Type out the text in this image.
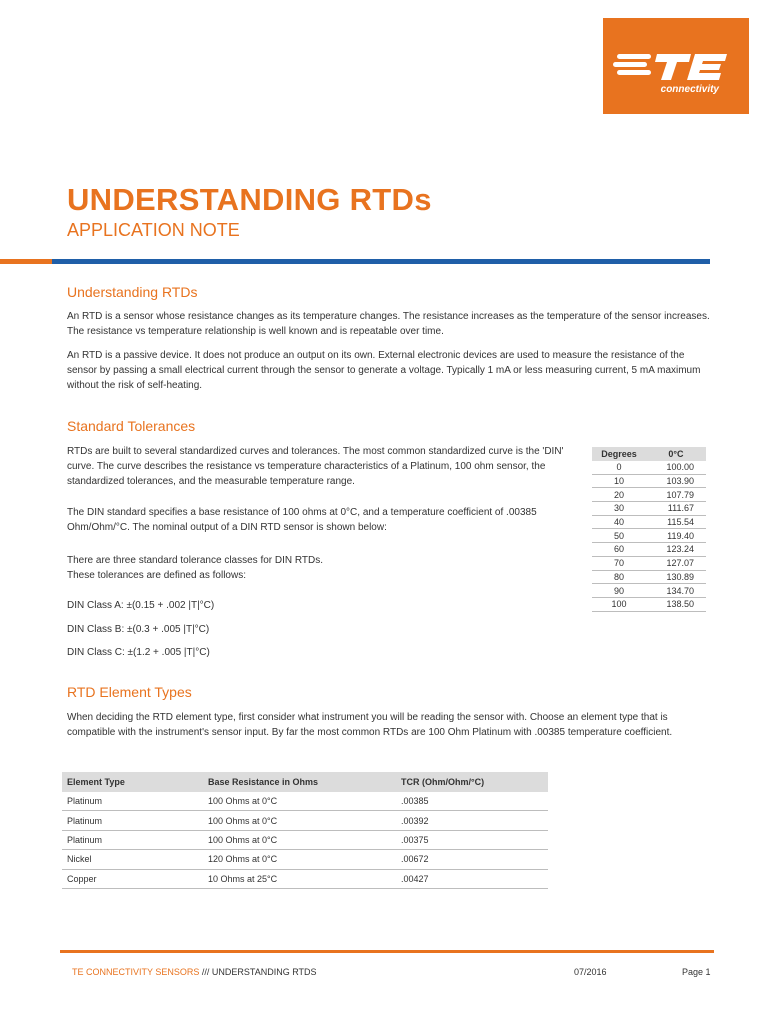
connectivity
UNDERSTANDING RTDs
APPLICATION NOTE
Understanding RTDs

An RTD is a sensor whose resistance changes as its temperature changes. The resistance increases as the temperature of the sensor increases. The resistance vs temperature relationship is well known and is repeatable over time.

An RTD is a passive device. It does not produce an output on its own. External electronic devices are used to measure the resistance of the sensor by passing a small electrical current through the sensor to generate a voltage. Typically 1 mA or less measuring current, 5 mA maximum without the risk of self-heating.

Standard Tolerances

RTDs are built to several standardized curves and tolerances. The most common standardized curve is the 'DIN' curve. The curve describes the resistance vs temperature characteristics of a Platinum, 100 ohm sensor, the standardized tolerances, and the measurable temperature range.

The DIN standard specifies a base resistance of 100 ohms at 0°C, and a temperature coefficient of .00385 Ohm/Ohm/°C. The nominal output of a DIN RTD sensor is shown below:

There are three standard tolerance classes for DIN RTDs.

These tolerances are defined as follows:

DIN Class A: ±(0.15 + .002 |T|°C)

DIN Class B: ±(0.3 + .005 |T|°C)

DIN Class C: ±(1.2 + .005 |T|°C)

Degrees	0°C
0	100.00
10	103.90
20	107.79
30	111.67
40	115.54
50	119.40
60	123.24
70	127.07
80	130.89
90	134.70
100	138.50
RTD Element Types

When deciding the RTD element type, first consider what instrument you will be reading the sensor with. Choose an element type that is compatible with the instrument's sensor input. By far the most common RTDs are 100 Ohm Platinum with .00385 temperature coefficient.

Element Type	Base Resistance in Ohms	TCR (Ohm/Ohm/°C)
Platinum	100 Ohms at 0°C	.00385
Platinum	100 Ohms at 0°C	.00392
Platinum	100 Ohms at 0°C	.00375
Nickel	120 Ohms at 0°C	.00672
Copper	10 Ohms at 25°C	.00427

TE CONNECTIVITY SENSORS /// UNDERSTANDING RTDS	07/2016	Page 1
